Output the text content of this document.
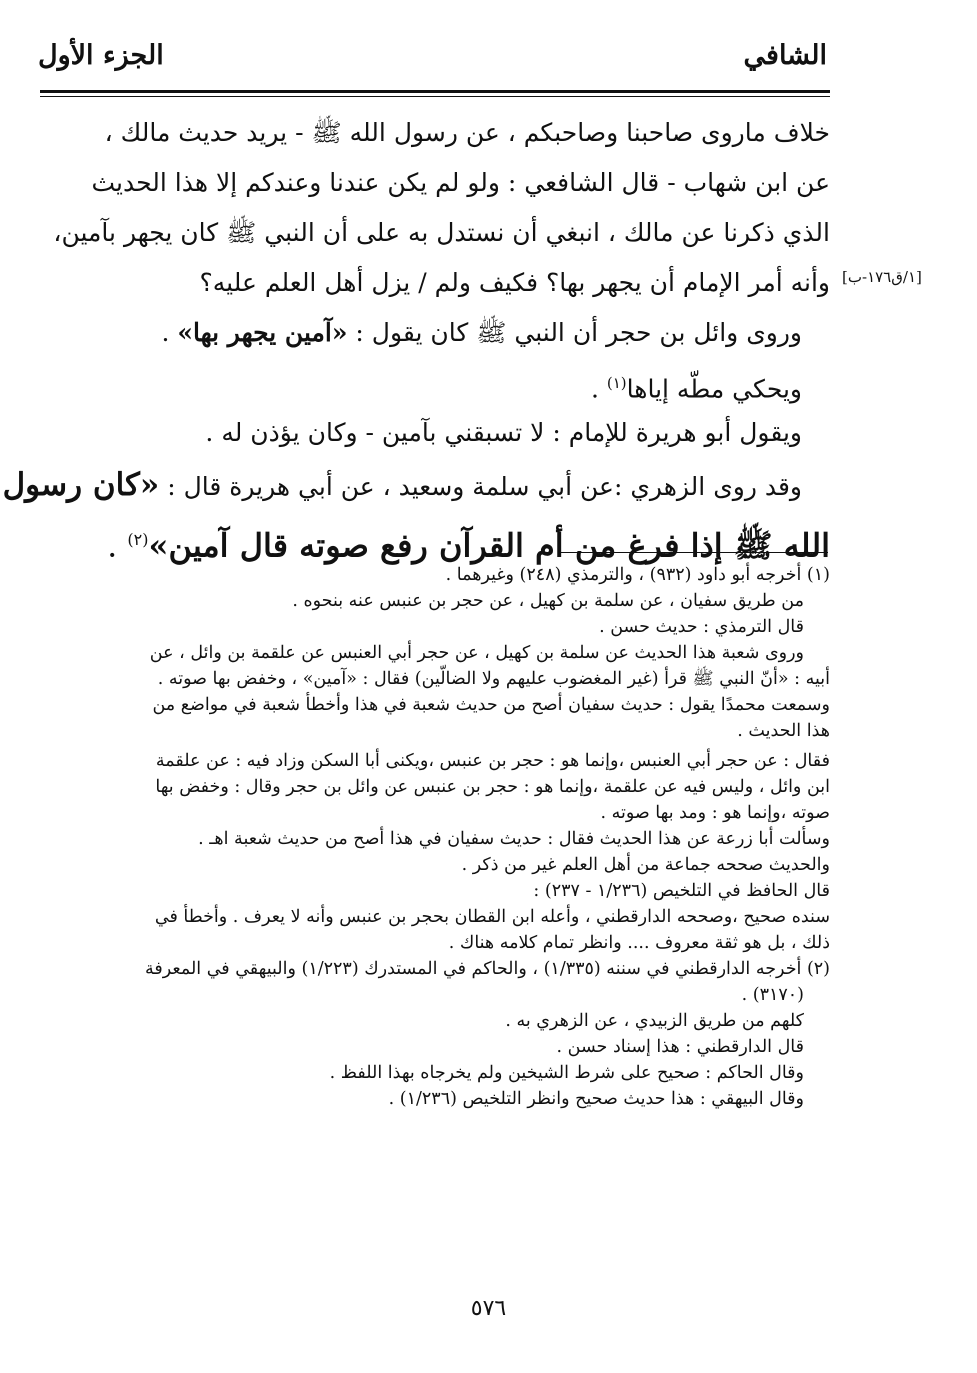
الشافي
الجزء الأول
[١/ق١٧٦-ب]
خلاف ماروى صاحبنا وصاحبكم ، عن رسول الله ﷺ - يريد حديث مالك ،
عن ابن شهاب - قال الشافعي : ولو لم يكن عندنا وعندكم إلا هذا الحديث
الذي ذكرنا عن مالك ، انبغي أن نستدل به على أن النبي ﷺ كان يجهر بآمين،
وأنه أمر الإمام أن يجهر بها؟ فكيف ولم / يزل أهل العلم عليه؟
وروى وائل بن حجر أن النبي ﷺ كان يقول : «آمين يجهر بها» .
ويحكي مطّه إياها$^{(١)}$ .
ويقول أبو هريرة للإمام : لا تسبقني بآمين - وكان يؤذن له .
وقد روى الزهري :عن أبي سلمة وسعيد ، عن أبي هريرة قال : «كان رسول
الله ﷺ إذا فرغ من أم القرآن رفع صوته قال آمين»$^{(٢)}$ .
(١) أخرجه أبو داود (٩٣٢) ، والترمذي (٢٤٨) وغيرهما .
من طريق سفيان ، عن سلمة بن كهيل ، عن حجر بن عنبس عنه بنحوه .
قال الترمذي : حديث حسن .
وروى شعبة هذا الحديث عن سلمة بن كهيل ، عن حجر أبي العنبس عن علقمة بن وائل ، عن
أبيه : «أنّ النبي ﷺ قرأ (غير المغضوب عليهم ولا الضالّين) فقال : «آمين» ، وخفض بها صوته .
وسمعت محمدًا يقول : حديث سفيان أصح من حديث شعبة في هذا وأخطأ شعبة في مواضع من
هذا الحديث .
فقال : عن حجر أبي العنبس ،وإنما هو : حجر بن عنبس ،ويكنى أبا السكن وزاد فيه : عن علقمة
ابن وائل ، وليس فيه عن علقمة ،وإنما هو : حجر بن عنبس عن وائل بن حجر وقال : وخفض بها
صوته ،وإنما هو : ومد بها صوته .
وسألت أبا زرعة عن هذا الحديث فقال : حديث سفيان في هذا أصح من حديث شعبة اهـ .
والحديث صححه جماعة من أهل العلم غير من ذكر .
قال الحافظ في التلخيص (١/٢٣٦ - ٢٣٧) :
سنده صحيح ،وصححه الدارقطني ، وأعله ابن القطان بحجر بن عنبس وأنه لا يعرف . وأخطأ في
ذلك ، بل هو ثقة معروف .... وانظر تمام كلامه هناك .
(٢) أخرجه الدارقطني في سننه (١/٣٣٥) ، والحاكم في المستدرك (١/٢٢٣) والبيهقي في المعرفة
(٣١٧٠) .
كلهم من طريق الزبيدي ، عن الزهري به .
قال الدارقطني : هذا إسناد حسن .
وقال الحاكم : صحيح على شرط الشيخين ولم يخرجاه بهذا اللفظ .
وقال البيهقي : هذا حديث صحيح وانظر التلخيص (١/٢٣٦) .
٥٧٦
